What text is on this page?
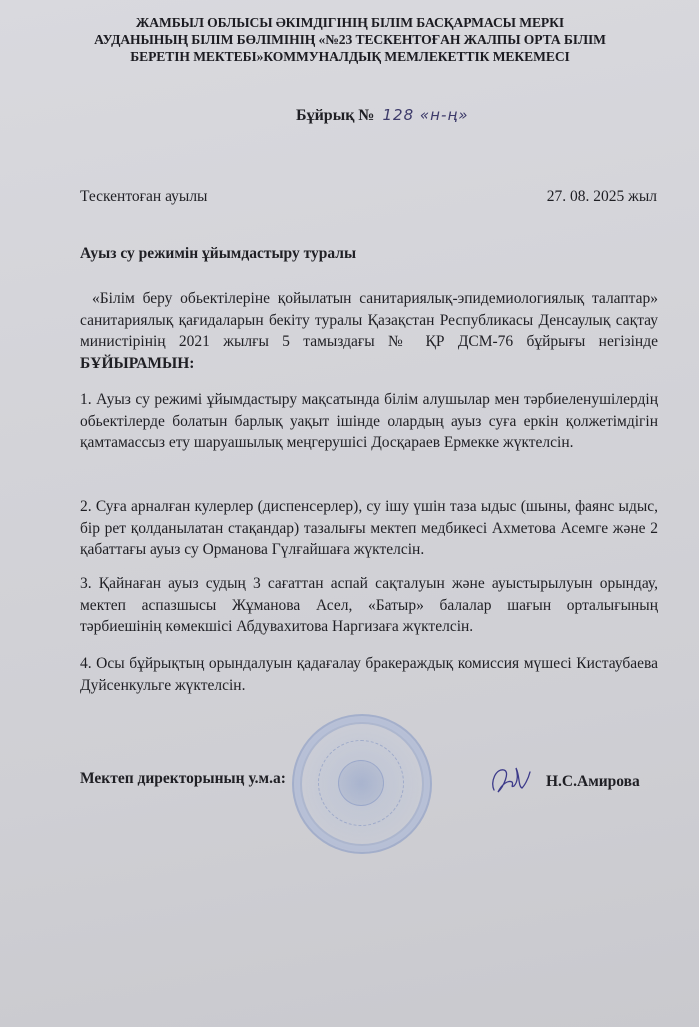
ЖАМБЫЛ ОБЛЫСЫ ӘКІМДІГІНІҢ БІЛІМ БАСҚАРМАСЫ МЕРКІ
АУДАНЫНЫҢ БІЛІМ БӨЛІМІНІҢ «№23 ТЕСКЕНТОҒАН ЖАЛПЫ ОРТА БІЛІМ
БЕРЕТІН МЕКТЕБІ»КОММУНАЛДЫҚ МЕМЛЕКЕТТІК МЕКЕМЕСІ
Бұйрық № 128 «н-ң»
Тескентоған ауылы	27. 08. 2025 жыл
Ауыз су режимін ұйымдастыру туралы
«Білім беру обьектілеріне қойылатын санитариялық-эпидемиологиялық талаптар» санитариялық қағидаларын бекіту туралы Қазақстан Республикасы Денсаулық сақтау министірінің 2021 жылғы 5 тамыздағы № ҚР ДСМ-76 бұйрығы негізінде БҰЙЫРАМЫН:
1. Ауыз су режимі ұйымдастыру мақсатында білім алушылар мен тәрбиеленушілердің обьектілерде болатын барлық уақыт ішінде олардың ауыз суға еркін қолжетімдігін қамтамассыз ету шаруашылық меңгерушісі Досқараев Ермекке жүктелсін.
2. Суға арналған кулерлер (диспенсерлер), су ішу үшін таза ыдыс (шыны, фаянс ыдыс, бір рет қолданылатан стақандар) тазалығы мектеп медбикесі Ахметова Асемге және 2 қабаттағы ауыз су Орманова Гүлғайшаға жүктелсін.
3. Қайнаған ауыз судың 3 сағаттан аспай сақталуын және ауыстырылуын орындау, мектеп аспазшысы Жұманова Асел, «Батыр» балалар шағын орталығының тәрбиешінің көмекшісі Абдувахитова Наргизаға жүктелсін.
4. Осы бұйрықтың орындалуын қадағалау бракераждық комиссия мүшесі Кистаубаева Дуйсенкульге жүктелсін.
Мектеп директорының у.м.а:	Н.С.Амирова
